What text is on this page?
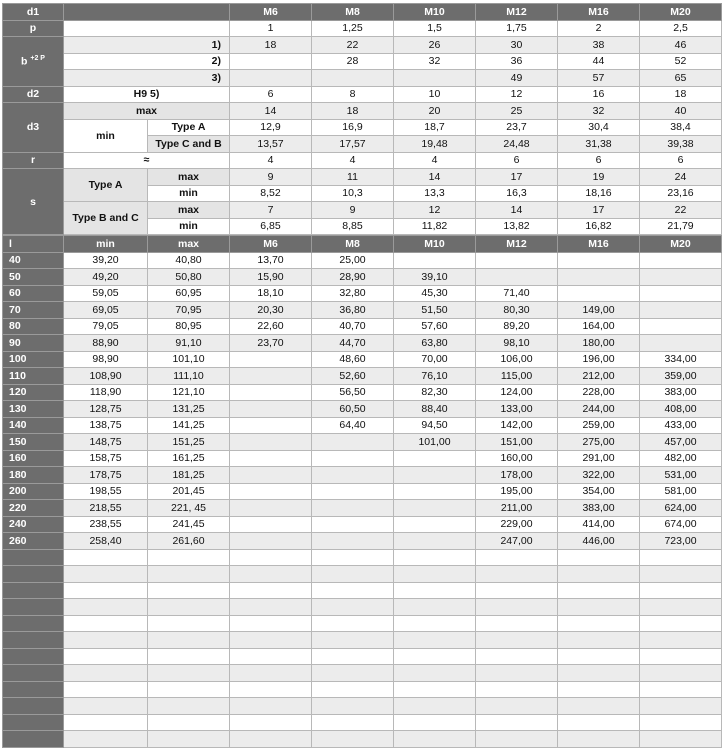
d1			M6	M8	M10	M12	M16	M20
p			1	1,25	1,5	1,75	2	2,5
b $^{+2 P}$	1)		18	22	26	30	38	46
	2)			28	32	36	44	52
	3)					49	57	65
d2	H9 5)		6	8	10	12	16	18
d3	max		14	18	20	25	32	40
	min	Type A	12,9	16,9	18,7	23,7	30,4	38,4
		Type C and B	13,57	17,57	19,48	24,48	31,38	39,38
r	≈		4	4	4	6	6	6
s	Type A	max	9	11	14	17	19	24
		min	8,52	10,3	13,3	16,3	18,16	23,16
	Type B and C	max	7	9	12	14	17	22
		min	6,85	8,85	11,82	13,82	16,82	21,79
l	min	max	M6	M8	M10	M12	M16	M20
40	39,20	40,80	13,70	25,00				
50	49,20	50,80	15,90	28,90	39,10			
60	59,05	60,95	18,10	32,80	45,30	71,40		
70	69,05	70,95	20,30	36,80	51,50	80,30	149,00	
80	79,05	80,95	22,60	40,70	57,60	89,20	164,00	
90	88,90	91,10	23,70	44,70	63,80	98,10	180,00	
100	98,90	101,10		48,60	70,00	106,00	196,00	334,00
110	108,90	111,10		52,60	76,10	115,00	212,00	359,00
120	118,90	121,10		56,50	82,30	124,00	228,00	383,00
130	128,75	131,25		60,50	88,40	133,00	244,00	408,00
140	138,75	141,25		64,40	94,50	142,00	259,00	433,00
150	148,75	151,25			101,00	151,00	275,00	457,00
160	158,75	161,25				160,00	291,00	482,00
180	178,75	181,25				178,00	322,00	531,00
200	198,55	201,45				195,00	354,00	581,00
220	218,55	221, 45				211,00	383,00	624,00
240	238,55	241,45				229,00	414,00	674,00
260	258,40	261,60				247,00	446,00	723,00
